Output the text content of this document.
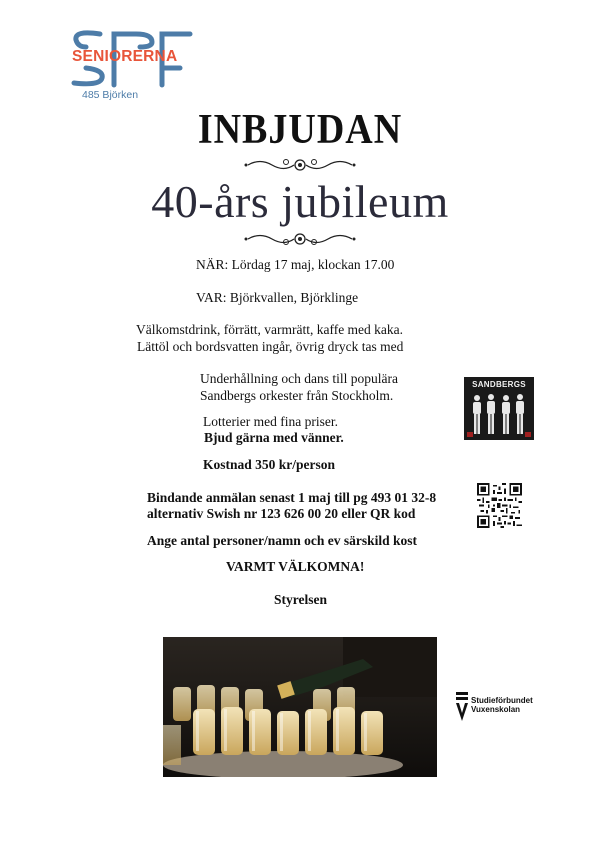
SENIORERNA
485 Björken
INBJUDAN
40-års jubileum
NÄR: Lördag 17 maj, klockan 17.00
VAR: Björkvallen, Björklinge
Välkomstdrink, förrätt, varmrätt, kaffe med kaka.
Lättöl och bordsvatten ingår, övrig dryck tas med
Underhållning och dans till populära
Sandbergs orkester från Stockholm.
Lotterier med fina priser.
Bjud gärna med vänner.
Kostnad 350 kr/person
Bindande anmälan senast 1 maj till pg 493 01 32-8
alternativ Swish nr 123 626 00 20 eller QR kod
Ange antal personer/namn och ev särskild kost
VARMT VÄLKOMNA!
Styrelsen
SANDBERGS
Studieförbundet
Vuxenskolan
